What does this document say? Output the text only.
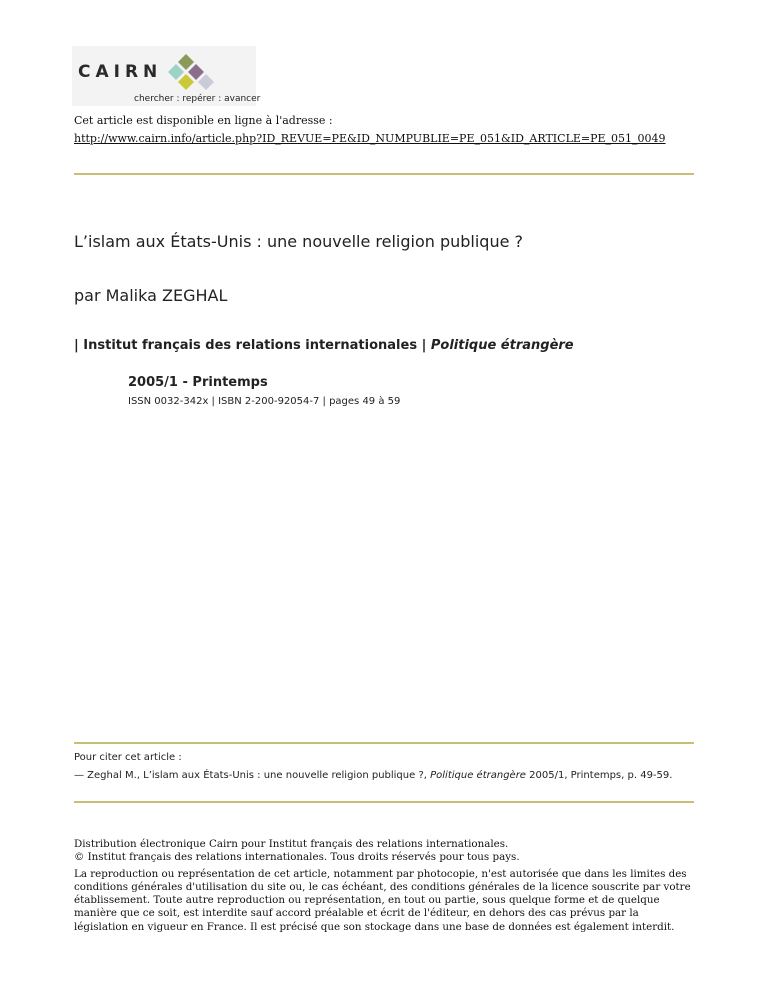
CAIRN
chercher : repérer : avancer
Cet article est disponible en ligne à l'adresse :
http://www.cairn.info/article.php?ID_REVUE=PE&ID_NUMPUBLIE=PE_051&ID_ARTICLE=PE_051_0049
L’islam aux États-Unis : une nouvelle religion publique ?
par Malika ZEGHAL
| Institut français des relations internationales | Politique étrangère
2005/1 - Printemps
ISSN 0032-342x | ISBN 2-200-92054-7 | pages 49 à 59
Pour citer cet article :
— Zeghal M., L’islam aux États-Unis : une nouvelle religion publique ?, Politique étrangère 2005/1, Printemps, p. 49-59.

Distribution électronique Cairn pour Institut français des relations internationales.

© Institut français des relations internationales. Tous droits réservés pour tous pays.

La reproduction ou représentation de cet article, notamment par photocopie, n'est autorisée que dans les limites des conditions générales d'utilisation du site ou, le cas échéant, des conditions générales de la licence souscrite par votre établissement. Toute autre reproduction ou représentation, en tout ou partie, sous quelque forme et de quelque manière que ce soit, est interdite sauf accord préalable et écrit de l'éditeur, en dehors des cas prévus par la législation en vigueur en France. Il est précisé que son stockage dans une base de données est également interdit.
